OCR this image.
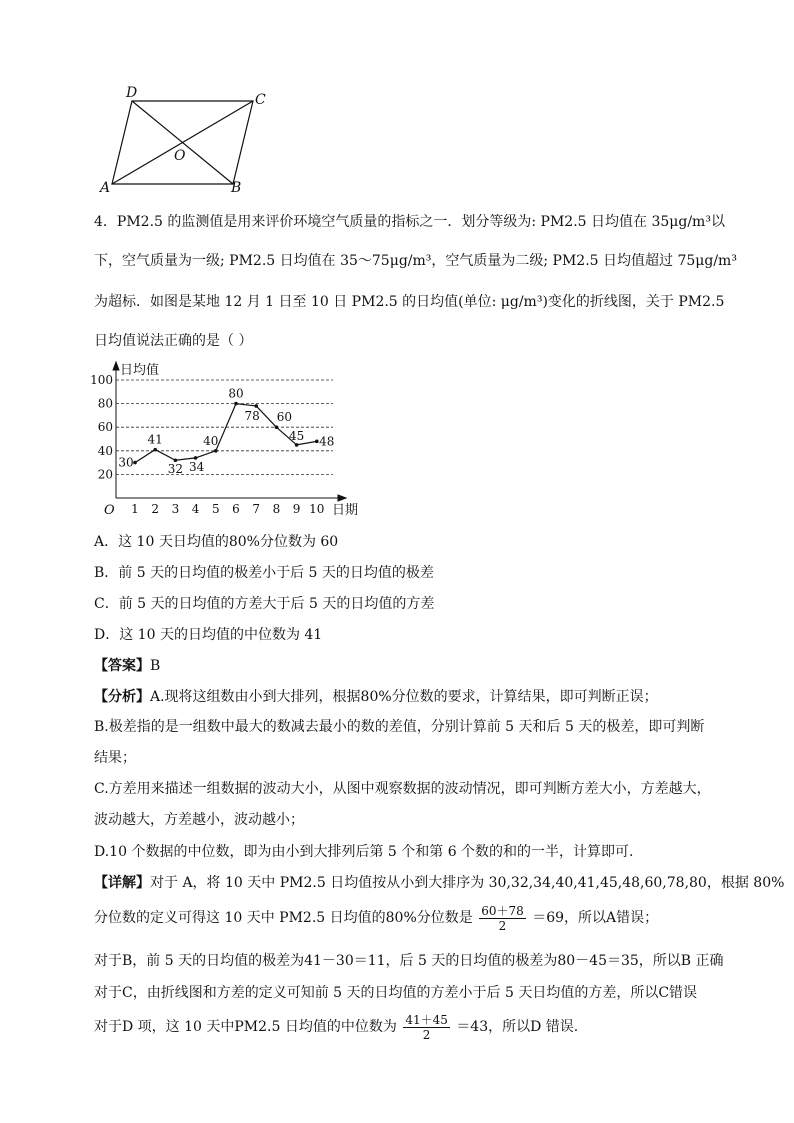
D	C
O
A	B
4．PM2.5 的监测值是用来评价环境空气质量的指标之一．划分等级为: PM2.5 日均值在 35μg/m³以
下，空气质量为一级; PM2.5 日均值在 35～75μg/m³，空气质量为二级; PM2.5 日均值超过 75μg/m³
为超标．如图是某地 12 月 1 日至 10 日 PM2.5 的日均值(单位: μg/m³)变化的折线图，关于 PM2.5
日均值说法正确的是（ ）
日均值
日期
O
20
40
60
80
100
1 2 3 4 5 6 7 8 9 10
30
41
32 34
40
80
78 60
45 48
A．这 10 天日均值的80%分位数为 60
B．前 5 天的日均值的极差小于后 5 天的日均值的极差
C．前 5 天的日均值的方差大于后 5 天的日均值的方差
D．这 10 天的日均值的中位数为 41
【答案】B
【分析】A.现将这组数由小到大排列，根据80%分位数的要求，计算结果，即可判断正误；
B.极差指的是一组数中最大的数减去最小的数的差值，分别计算前 5 天和后 5 天的极差，即可判断
结果；
C.方差用来描述一组数据的波动大小，从图中观察数据的波动情况，即可判断方差大小，方差越大，
波动越大，方差越小，波动越小；
D.10 个数据的中位数，即为由小到大排列后第 5 个和第 6 个数的和的一半，计算即可.
【详解】对于 A，将 10 天中 PM2.5 日均值按从小到大排序为 30,32,34,40,41,45,48,60,78,80，根据 80%
分位数的定义可得这 10 天中 PM2.5 日均值的80%分位数是 $\frac{60+78}{2} =69$，所以A错误；
对于B，前 5 天的日均值的极差为41－30＝11，后 5 天的日均值的极差为80－45＝35，所以B 正确
对于C，由折线图和方差的定义可知前 5 天的日均值的方差小于后 5 天日均值的方差，所以C错误
对于D 项，这 10 天中PM2.5 日均值的中位数为 $\frac{41+45}{2} =43$，所以D 错误.
